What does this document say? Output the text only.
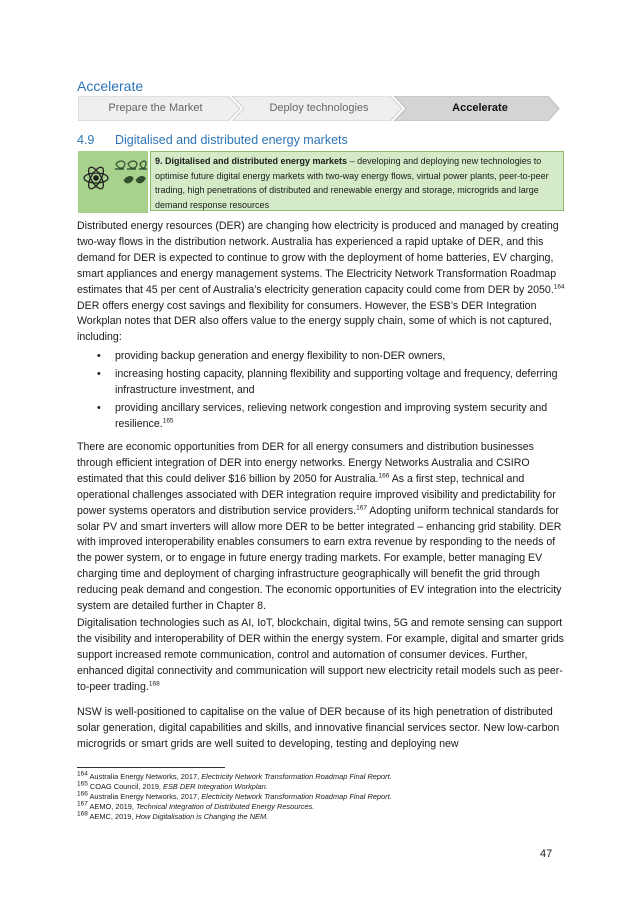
Accelerate
Prepare the Market	Deploy technologies	Accelerate
4.9 Digitalised and distributed energy markets
9. Digitalised and distributed energy markets – developing and deploying new technologies to optimise future digital energy markets with two-way energy flows, virtual power plants, peer-to-peer trading, high penetrations of distributed and renewable energy and storage, microgrids and large demand response resources

Distributed energy resources (DER) are changing how electricity is produced and managed by creating two-way flows in the distribution network. Australia has experienced a rapid uptake of DER, and this demand for DER is expected to continue to grow with the deployment of home batteries, EV charging, smart appliances and energy management systems. The Electricity Network Transformation Roadmap estimates that 45 per cent of Australia’s electricity generation capacity could come from DER by 2050.$^{164}$ DER offers energy cost savings and flexibility for consumers. However, the ESB’s DER Integration Workplan notes that DER also offers value to the energy supply chain, some of which is not captured, including:

• providing backup generation and energy flexibility to non-DER owners,
• increasing hosting capacity, planning flexibility and supporting voltage and frequency, deferring infrastructure investment, and
• providing ancillary services, relieving network congestion and improving system security and resilience.$^{165}$

There are economic opportunities from DER for all energy consumers and distribution businesses through efficient integration of DER into energy networks. Energy Networks Australia and CSIRO estimated that this could deliver $16 billion by 2050 for Australia.$^{166}$ As a first step, technical and operational challenges associated with DER integration require improved visibility and predictability for power systems operators and distribution service providers.$^{167}$ Adopting uniform technical standards for solar PV and smart inverters will allow more DER to be better integrated – enhancing grid stability. DER with improved interoperability enables consumers to earn extra revenue by responding to the needs of the power system, or to engage in future energy trading markets. For example, better managing EV charging time and deployment of charging infrastructure geographically will benefit the grid through reducing peak demand and congestion. The economic opportunities of EV integration into the electricity system are detailed further in Chapter 8.

Digitalisation technologies such as AI, IoT, blockchain, digital twins, 5G and remote sensing can support the visibility and interoperability of DER within the energy system. For example, digital and smarter grids support increased remote communication, control and automation of consumer devices. Further, enhanced digital connectivity and communication will support new electricity retail models such as peer-to-peer trading.$^{168}$

NSW is well-positioned to capitalise on the value of DER because of its high penetration of distributed solar generation, digital capabilities and skills, and innovative financial services sector. New low-carbon microgrids or smart grids are well suited to developing, testing and deploying new

$^{164}$ Australia Energy Networks, 2017, Electricity Network Transformation Roadmap Final Report.
$^{165}$ COAG Council, 2019, ESB DER Integration Workplan.
$^{166}$ Australia Energy Networks, 2017, Electricity Network Transformation Roadmap Final Report.
$^{167}$ AEMO, 2019, Technical Integration of Distributed Energy Resources.
$^{168}$ AEMC, 2019, How Digitalisation is Changing the NEM.
47
